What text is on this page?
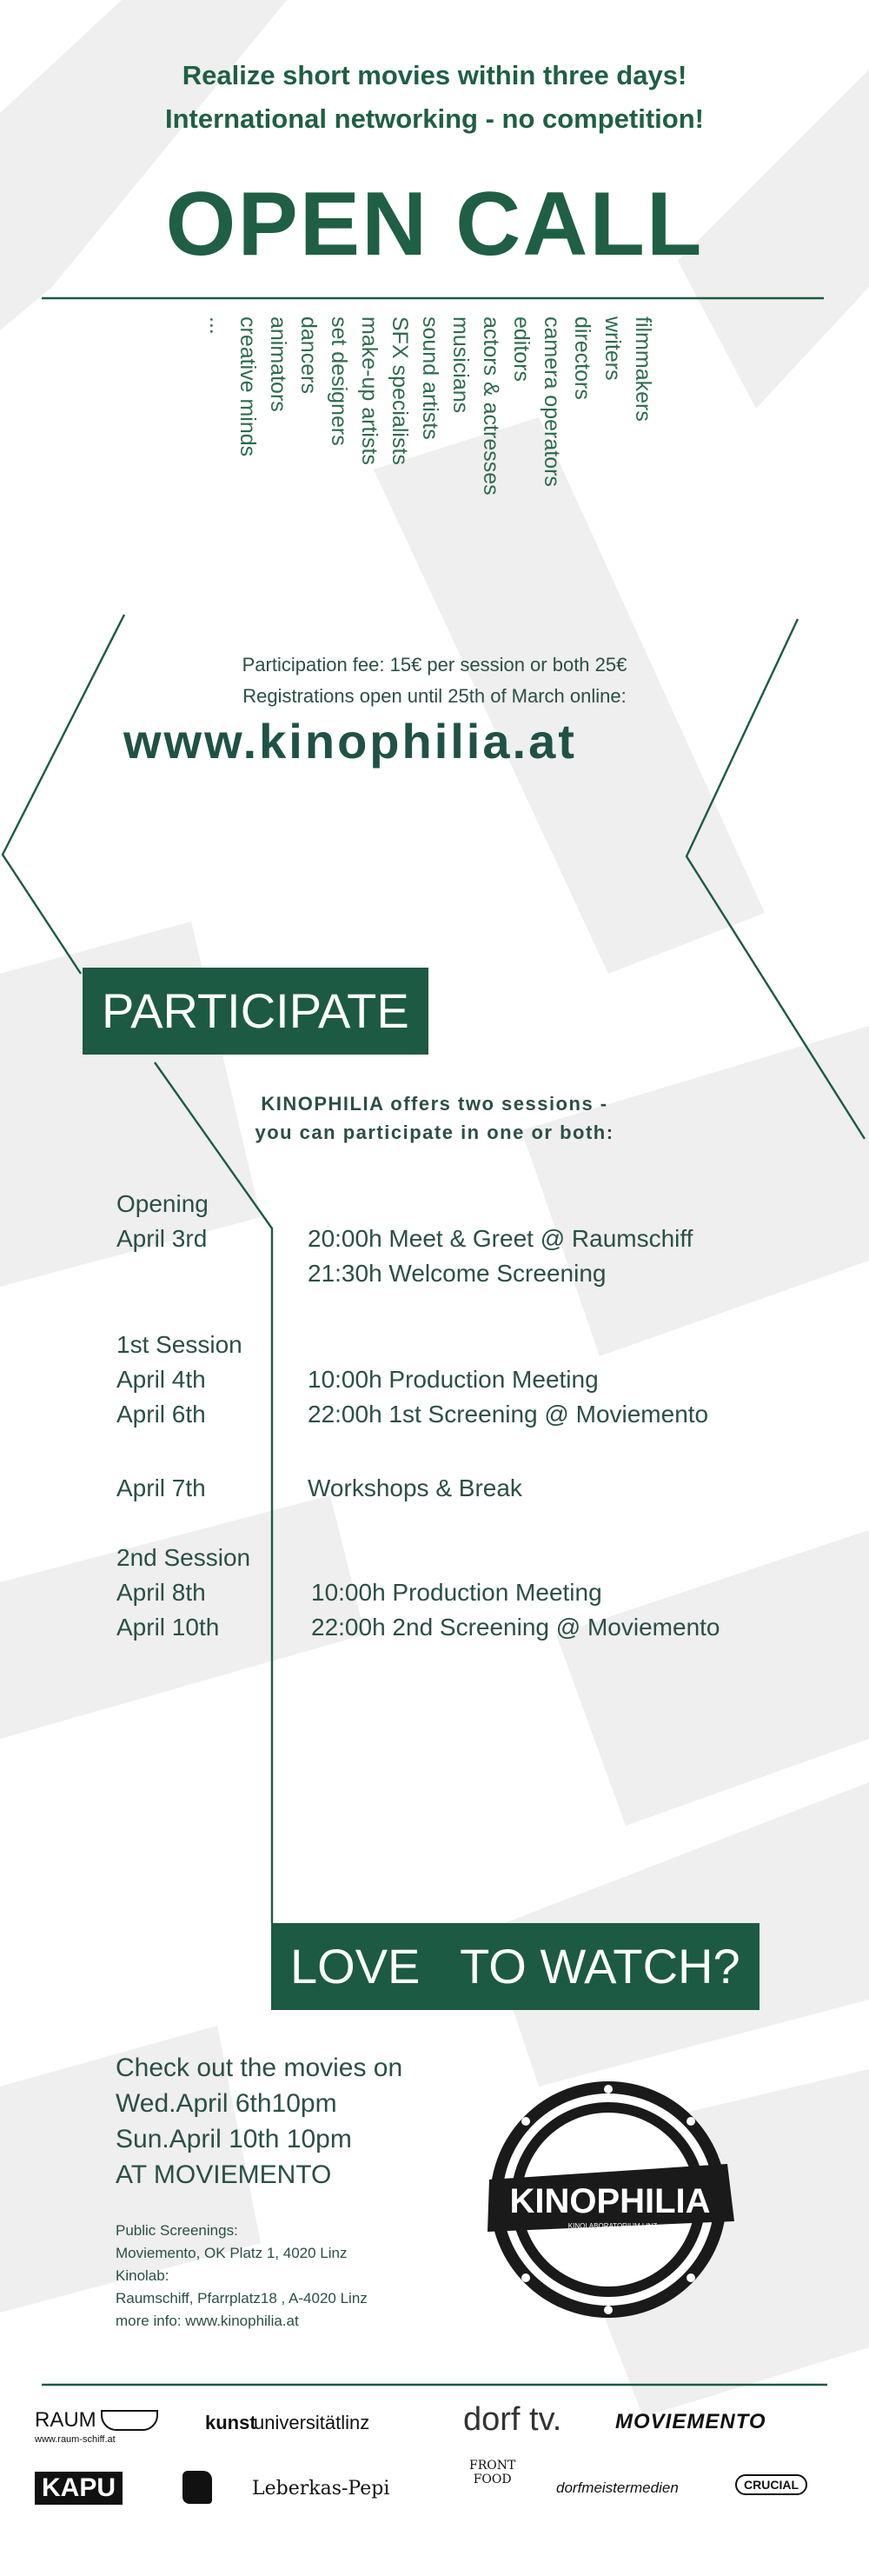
Realize short movies within three days!
International networking - no competition!
OPEN CALL
filmmakers
writers
directors
camera operators
editors
actors & actresses
musicians
sound artists
SFX specialists
make-up artists
set designers
dancers
animators
creative minds
...
Participation fee: 15€ per session or both 25€
Registrations open until 25th of March online:
www.kinophilia.at
PARTICIPATE
KINOPHILIA offers two sessions -
you can participate in one or both:
Opening
April 3rd	20:00h Meet & Greet @ Raumschiff
21:30h Welcome Screening
1st Session
April 4th	10:00h Production Meeting
April 6th	22:00h 1st Screening @ Moviemento
April 7th	Workshops & Break
2nd Session
April 8th	10:00h Production Meeting
April 10th	22:00h 2nd Screening @ Moviemento
LOVE   TO WATCH?
Check out the movies on
Wed.April 6th10pm
Sun.April 10th 10pm
AT MOVIEMENTO
Public Screenings:
Moviemento, OK Platz 1, 4020 Linz
Kinolab:
Raumschiff, Pfarrplatz18 , A-4020 Linz
more info: www.kinophilia.at
KINOPHILIA
KINOLABORATORIUM LINZ
RAUM
www.raum-schiff.at
kunst
universitätlinz	dorf tv.	MOVIEMENTO
KAPU	Leberkas-Pepi
FRONT
FOOD	dorfmeistermedien	CRUCIAL
